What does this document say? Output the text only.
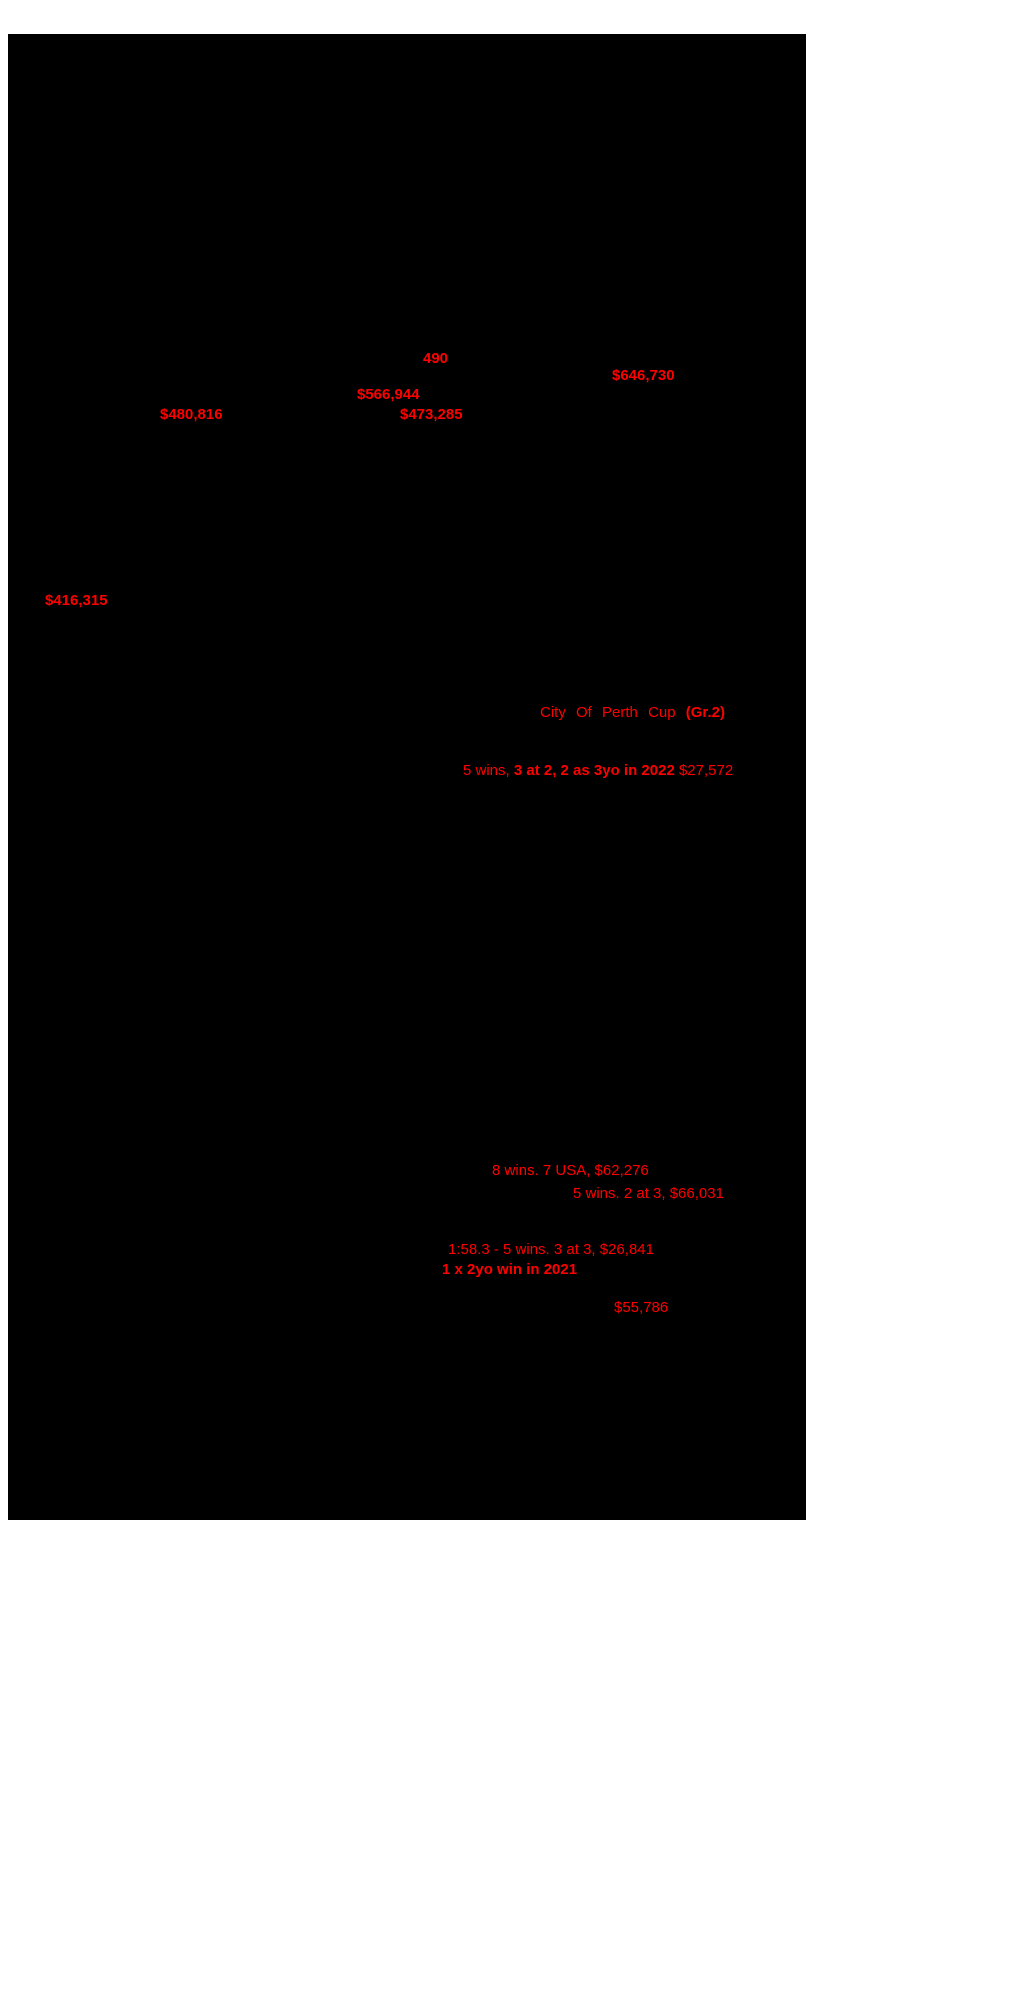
490
$646,730
$566,944
$480,816	$473,285
$416,315
City Of Perth Cup (Gr.2)
5 wins, 3 at 2, 2 as 3yo in 2022 $27,572
8 wins. 7 USA, $62,276
5 wins. 2 at 3, $66,031
1:58.3 - 5 wins. 3 at 3, $26,841
1 x 2yo win in 2021
$55,786
